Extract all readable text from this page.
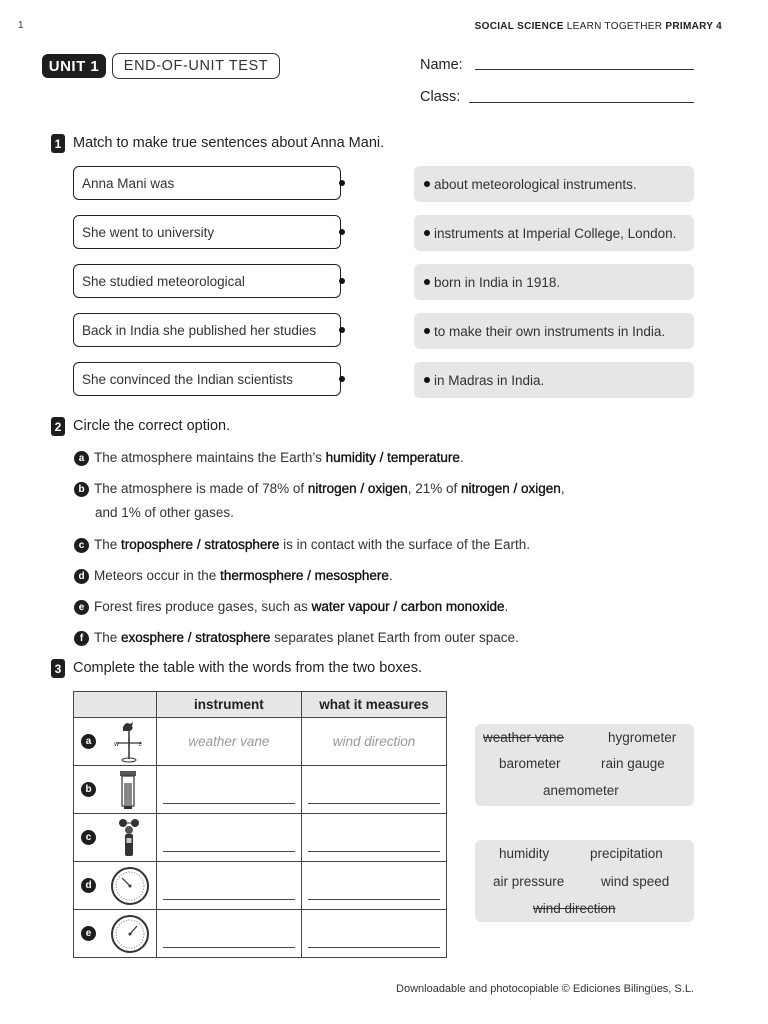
1	SOCIAL SCIENCE LEARN TOGETHER PRIMARY 4
UNIT 1	END-OF-UNIT TEST	Name:
Class:
1 Match to make true sentences about Anna Mani.
Anna Mani was
She went to university
She studied meteorological
Back in India she published her studies
She convinced the Indian scientists
about meteorological instruments.
instruments at Imperial College, London.
born in India in 1918.
to make their own instruments in India.
in Madras in India.
2 Circle the correct option.
a The atmosphere maintains the Earth’s humidity / temperature.
b The atmosphere is made of 78% of nitrogen / oxigen, 21% of nitrogen / oxigen,
and 1% of other gases.
c The troposphere / stratosphere is in contact with the surface of the Earth.
d Meteors occur in the thermosphere / mesosphere.
e Forest fires produce gases, such as water vapour / carbon monoxide.
f The exosphere / stratosphere separates planet Earth from outer space.
3 Complete the table with the words from the two boxes.
	instrument	what it measures

a W E	weather vane	wind direction

b		

c		

d		

e		

weather vane	hygrometer
barometer	rain gauge
anemometer
humidity	precipitation
air pressure	wind speed
wind direction
Downloadable and photocopiable © Ediciones Bilingües, S.L.
